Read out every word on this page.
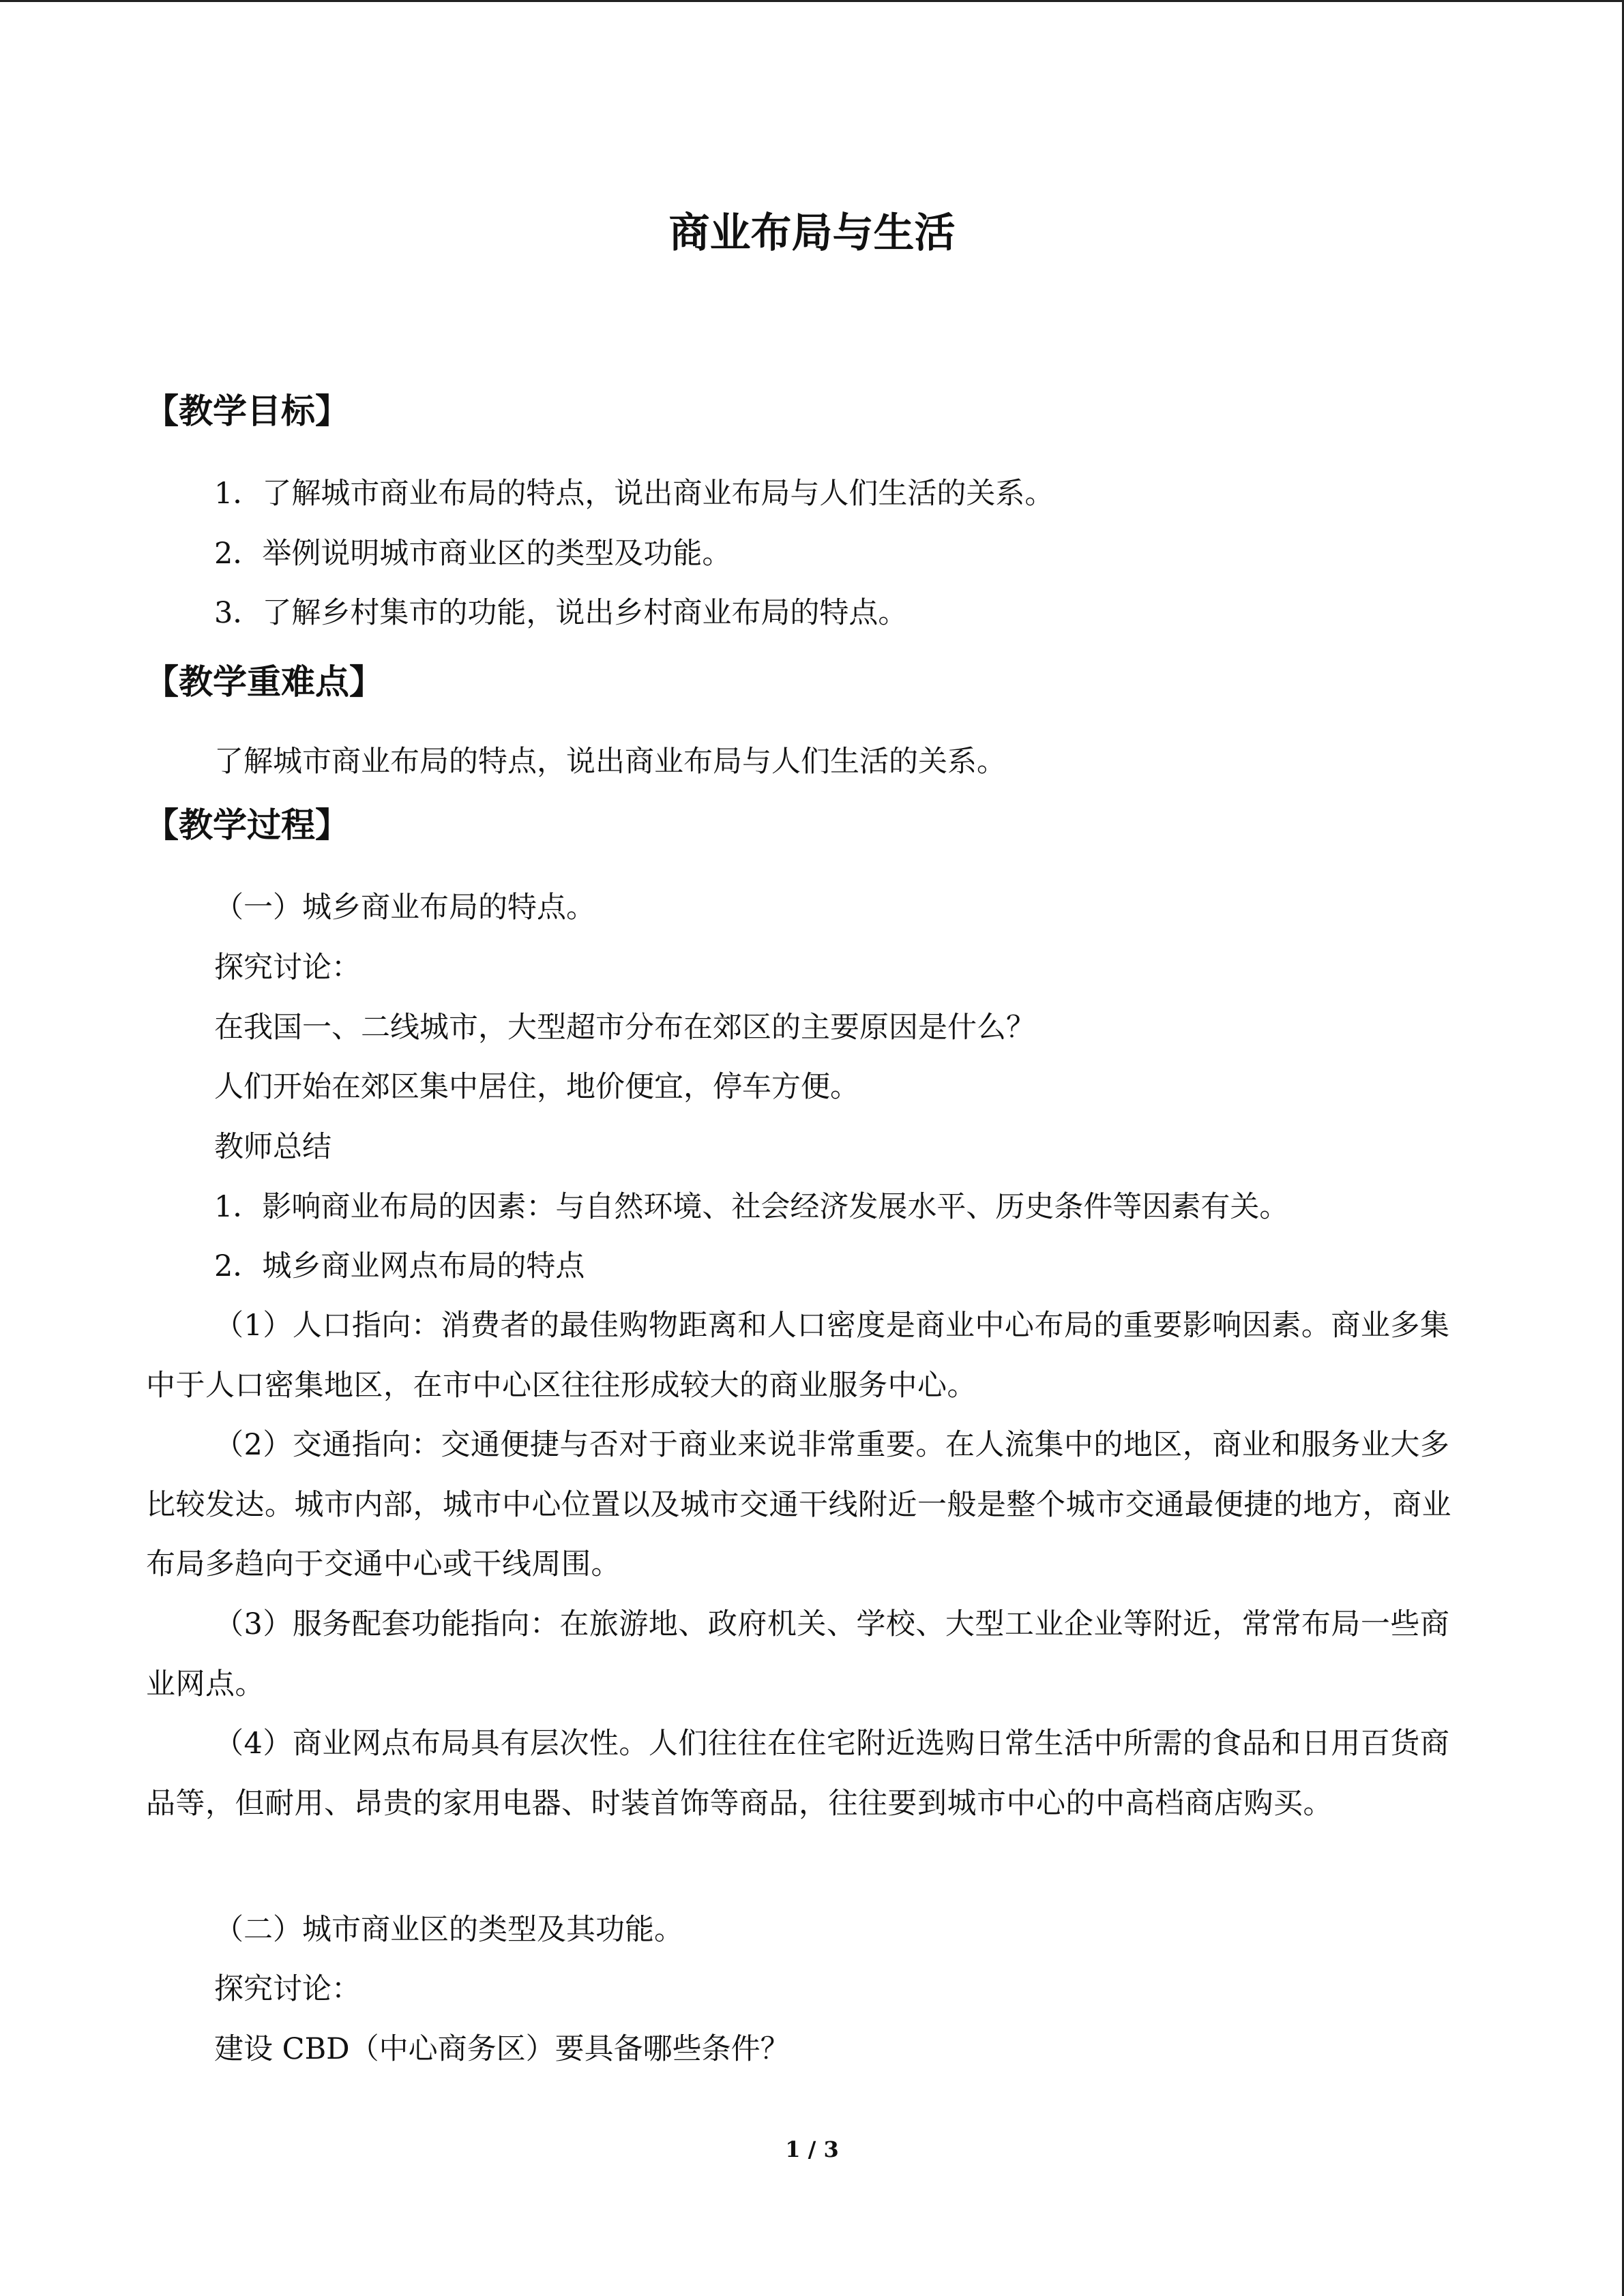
商业布局与生活
【教学目标】
1．了解城市商业布局的特点，说出商业布局与人们生活的关系。
2．举例说明城市商业区的类型及功能。
3．了解乡村集市的功能，说出乡村商业布局的特点。
【教学重难点】
了解城市商业布局的特点，说出商业布局与人们生活的关系。
【教学过程】
（一）城乡商业布局的特点。
探究讨论：
在我国一、二线城市，大型超市分布在郊区的主要原因是什么？
人们开始在郊区集中居住，地价便宜，停车方便。
教师总结
1．影响商业布局的因素：与自然环境、社会经济发展水平、历史条件等因素有关。
2．城乡商业网点布局的特点

（1）人口指向：消费者的最佳购物距离和人口密度是商业中心布局的重要影响因素。商业多集中于人口密集地区，在市中心区往往形成较大的商业服务中心。

（2）交通指向：交通便捷与否对于商业来说非常重要。在人流集中的地区，商业和服务业大多比较发达。城市内部，城市中心位置以及城市交通干线附近一般是整个城市交通最便捷的地方，商业布局多趋向于交通中心或干线周围。

（3）服务配套功能指向：在旅游地、政府机关、学校、大型工业企业等附近，常常布局一些商业网点。

（4）商业网点布局具有层次性。人们往往在住宅附近选购日常生活中所需的食品和日用百货商品等，但耐用、昂贵的家用电器、时装首饰等商品，往往要到城市中心的中高档商店购买。

（二）城市商业区的类型及其功能。
探究讨论：
建设 CBD（中心商务区）要具备哪些条件？
1 / 3
